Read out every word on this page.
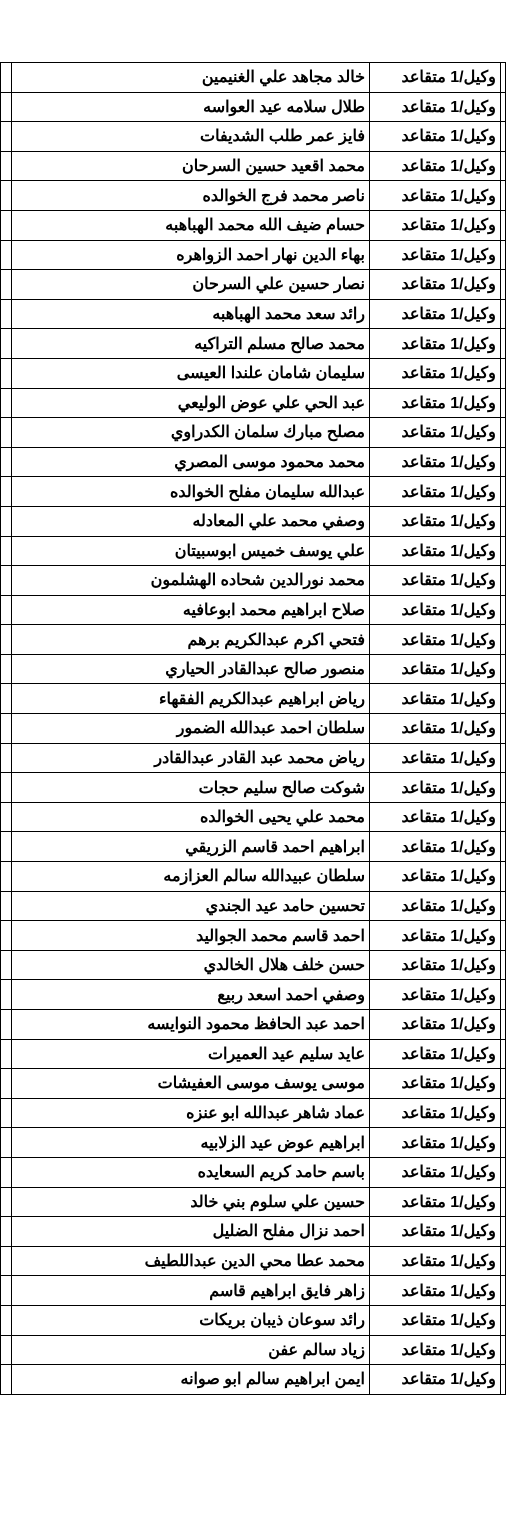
	وكيل/1 متقاعد	خالد مجاهد علي الغنيمين	
	وكيل/1 متقاعد	طلال سلامه عيد العواسه	
	وكيل/1 متقاعد	فايز عمر طلب الشديفات	
	وكيل/1 متقاعد	محمد اقعيد حسين السرحان	
	وكيل/1 متقاعد	ناصر محمد فرج الخوالده	
	وكيل/1 متقاعد	حسام ضيف الله محمد الهباهبه	
	وكيل/1 متقاعد	بهاء الدين نهار احمد الزواهره	
	وكيل/1 متقاعد	نصار حسين علي السرحان	
	وكيل/1 متقاعد	رائد سعد محمد الهباهبه	
	وكيل/1 متقاعد	محمد صالح مسلم التراكيه	
	وكيل/1 متقاعد	سليمان شامان علندا العيسى	
	وكيل/1 متقاعد	عبد الحي علي عوض الوليعي	
	وكيل/1 متقاعد	مصلح مبارك سلمان الكدراوي	
	وكيل/1 متقاعد	محمد محمود موسى المصري	
	وكيل/1 متقاعد	عبدالله سليمان مفلح الخوالده	
	وكيل/1 متقاعد	وصفي محمد علي المعادله	
	وكيل/1 متقاعد	علي يوسف خميس ابوسبيتان	
	وكيل/1 متقاعد	محمد نورالدين شحاده الهشلمون	
	وكيل/1 متقاعد	صلاح ابراهيم محمد ابوعافيه	
	وكيل/1 متقاعد	فتحي اكرم عبدالكريم برهم	
	وكيل/1 متقاعد	منصور صالح عبدالقادر الحياري	
	وكيل/1 متقاعد	رياض ابراهيم عبدالكريم الفقهاء	
	وكيل/1 متقاعد	سلطان احمد عبدالله الضمور	
	وكيل/1 متقاعد	رياض محمد عبد القادر عبدالقادر	
	وكيل/1 متقاعد	شوكت صالح سليم حجات	
	وكيل/1 متقاعد	محمد علي يحيى الخوالده	
	وكيل/1 متقاعد	ابراهيم احمد قاسم الزريقي	
	وكيل/1 متقاعد	سلطان عبيدالله سالم العزازمه	
	وكيل/1 متقاعد	تحسين حامد عيد الجندي	
	وكيل/1 متقاعد	احمد قاسم محمد الجواليد	
	وكيل/1 متقاعد	حسن خلف هلال الخالدي	
	وكيل/1 متقاعد	وصفي احمد اسعد ربيع	
	وكيل/1 متقاعد	احمد عبد الحافظ محمود النوايسه	
	وكيل/1 متقاعد	عايد سليم عيد العميرات	
	وكيل/1 متقاعد	موسى يوسف موسى العفيشات	
	وكيل/1 متقاعد	عماد شاهر عبدالله ابو عنزه	
	وكيل/1 متقاعد	ابراهيم عوض عيد الزلابيه	
	وكيل/1 متقاعد	باسم حامد كريم السعايده	
	وكيل/1 متقاعد	حسين علي سلوم بني خالد	
	وكيل/1 متقاعد	احمد نزال مفلح الضليل	
	وكيل/1 متقاعد	محمد عطا محي الدين عبداللطيف	
	وكيل/1 متقاعد	زاهر فايق ابراهيم قاسم	
	وكيل/1 متقاعد	رائد سوعان ذيبان بريكات	
	وكيل/1 متقاعد	زياد سالم عفن	
	وكيل/1 متقاعد	ايمن ابراهيم سالم ابو صوانه	
